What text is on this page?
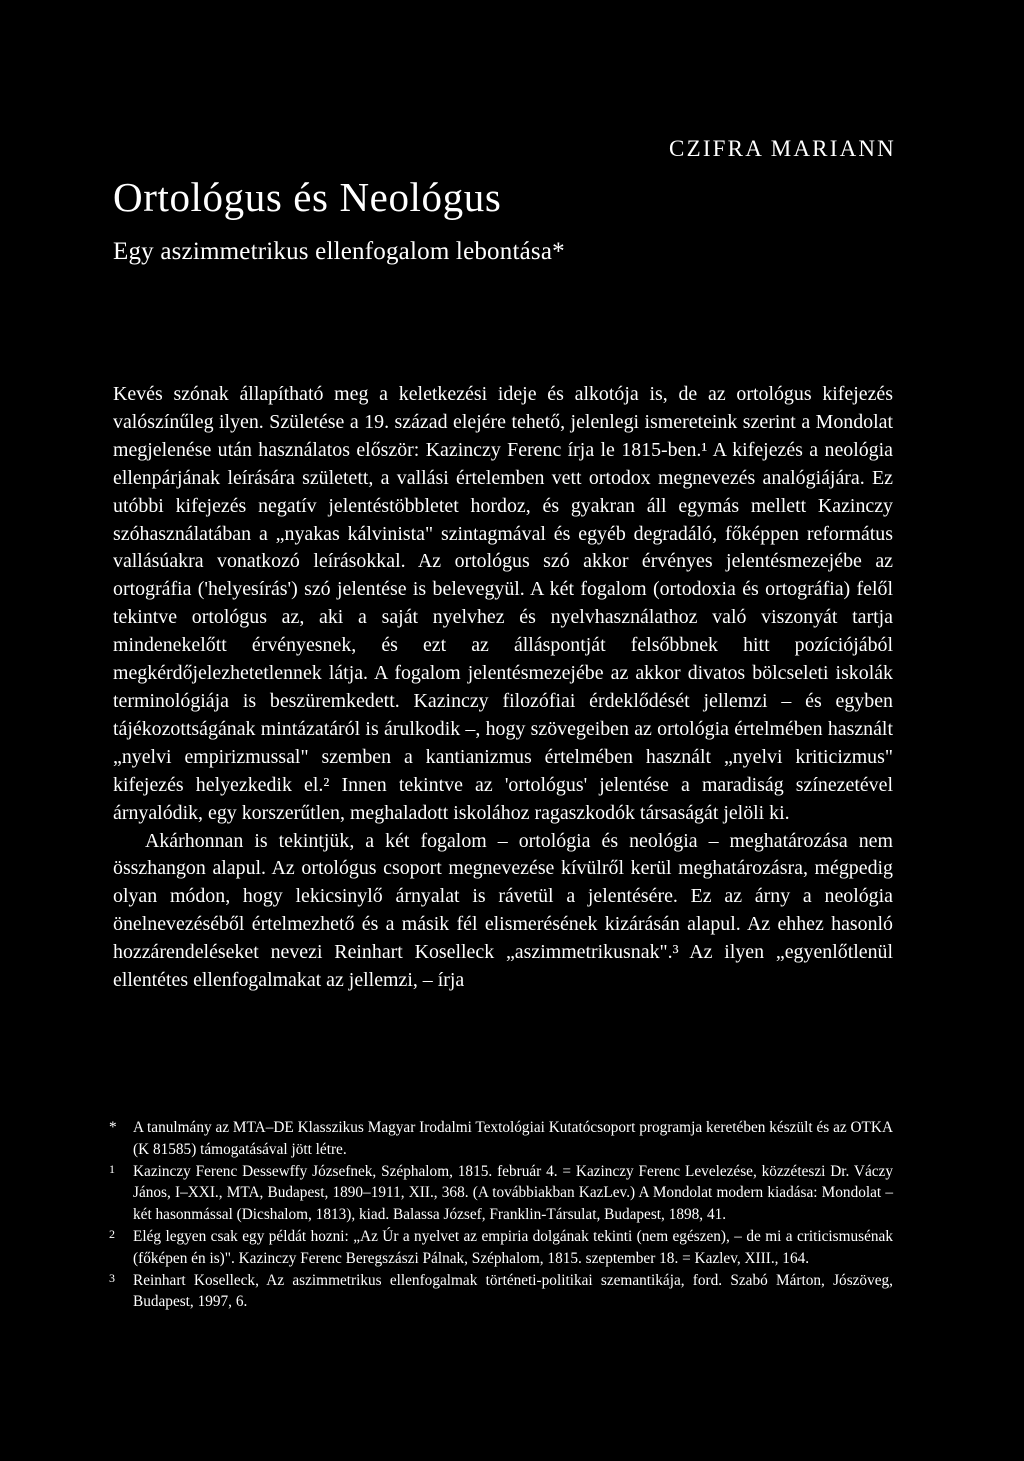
CZIFRA MARIANN
Ortológus és Neológus
Egy aszimmetrikus ellenfogalom lebontása*

Kevés szónak állapítható meg a keletkezési ideje és alkotója is, de az ortológus kifejezés valószínűleg ilyen. Születése a 19. század elejére tehető, jelenlegi ismereteink szerint a Mondolat megjelenése után használatos először: Kazinczy Ferenc írja le 1815-ben.¹ A kifejezés a neológia ellenpárjának leírására született, a vallási értelemben vett ortodox megnevezés analógiájára. Ez utóbbi kifejezés negatív jelentéstöbbletet hordoz, és gyakran áll egymás mellett Kazinczy szóhasználatában a „nyakas kálvinista" szintagmával és egyéb degradáló, főképpen református vallásúakra vonatkozó leírásokkal. Az ortológus szó akkor érvényes jelentésmezejébe az ortográfia ('helyesírás') szó jelentése is belevegyül. A két fogalom (ortodoxia és ortográfia) felől tekintve ortológus az, aki a saját nyelvhez és nyelvhasználathoz való viszonyát tartja mindenekelőtt érvényesnek, és ezt az álláspontját felsőbbnek hitt pozíciójából megkérdőjelezhetetlennek látja. A fogalom jelentésmezejébe az akkor divatos bölcseleti iskolák terminológiája is beszüremkedett. Kazinczy filozófiai érdeklődését jellemzi – és egyben tájékozottságának mintázatáról is árulkodik –, hogy szövegeiben az ortológia értelmében használt „nyelvi empirizmussal" szemben a kantianizmus értelmében használt „nyelvi kriticizmus" kifejezés helyezkedik el.² Innen tekintve az 'ortológus' jelentése a maradiság színezetével árnyalódik, egy korszerűtlen, meghaladott iskolához ragaszkodók társaságát jelöli ki.

Akárhonnan is tekintjük, a két fogalom – ortológia és neológia – meghatározása nem összhangon alapul. Az ortológus csoport megnevezése kívülről kerül meghatározásra, mégpedig olyan módon, hogy lekicsinylő árnyalat is rávetül a jelentésére. Ez az árny a neológia önelnevezéséből értelmezhető és a másik fél elismerésének kizárásán alapul. Az ehhez hasonló hozzárendeléseket nevezi Reinhart Koselleck „aszimmetrikusnak".³ Az ilyen „egyenlőtlenül ellentétes ellenfogalmakat az jellemzi, – írja

* A tanulmány az MTA–DE Klasszikus Magyar Irodalmi Textológiai Kutatócsoport programja keretében készült és az OTKA (K 81585) támogatásával jött létre.
1 Kazinczy Ferenc Dessewffy Józsefnek, Széphalom, 1815. február 4. = Kazinczy Ferenc Levelezése, közzéteszi Dr. Váczy János, I–XXI., MTA, Budapest, 1890–1911, XII., 368. (A továbbiakban KazLev.) A Mondolat modern kiadása: Mondolat – két hasonmással (Dicshalom, 1813), kiad. Balassa József, Franklin-Társulat, Budapest, 1898, 41.
2 Elég legyen csak egy példát hozni: „Az Úr a nyelvet az empiria dolgának tekinti (nem egészen), – de mi a criticismusénak (főképen én is)". Kazinczy Ferenc Beregszászi Pálnak, Széphalom, 1815. szeptember 18. = Kazlev, XIII., 164.
3 Reinhart Koselleck, Az aszimmetrikus ellenfogalmak történeti-politikai szemantikája, ford. Szabó Márton, Jószöveg, Budapest, 1997, 6.
